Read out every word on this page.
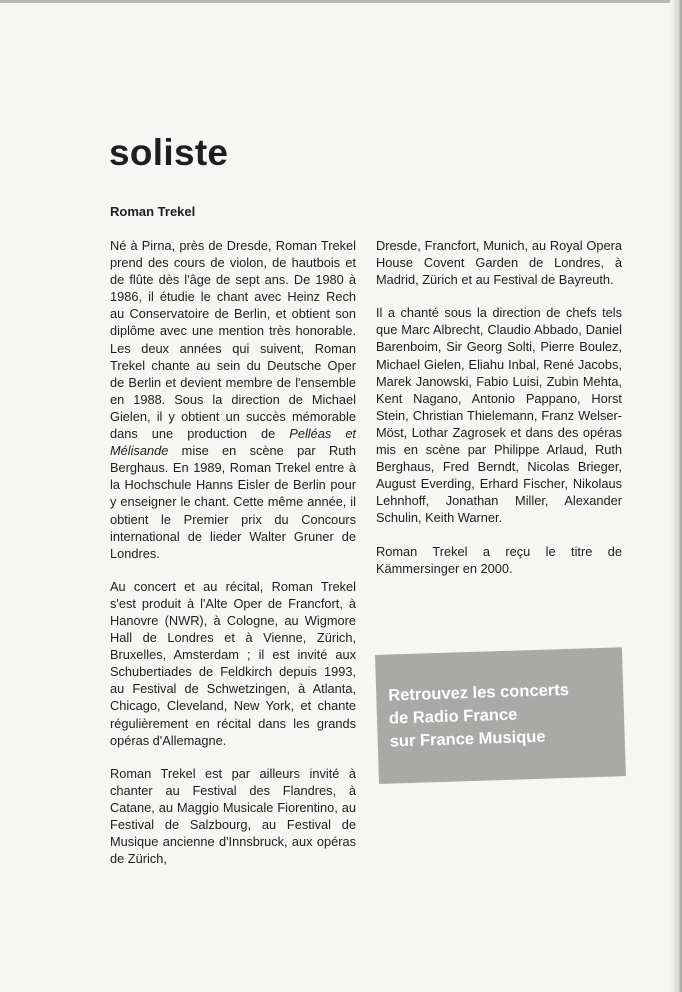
soliste
Roman Trekel

Né à Pirna, près de Dresde, Roman Trekel prend des cours de violon, de hautbois et de flûte dès l'âge de sept ans. De 1980 à 1986, il étudie le chant avec Heinz Rech au Conservatoire de Berlin, et obtient son diplôme avec une mention très honorable. Les deux années qui suivent, Roman Trekel chante au sein du Deutsche Oper de Berlin et devient membre de l'ensemble en 1988. Sous la direction de Michael Gielen, il y obtient un succès mémorable dans une production de Pelléas et Mélisande mise en scène par Ruth Berghaus. En 1989, Roman Trekel entre à la Hochschule Hanns Eisler de Berlin pour y enseigner le chant. Cette même année, il obtient le Premier prix du Concours international de lieder Walter Gruner de Londres.

Au concert et au récital, Roman Trekel s'est produit à l'Alte Oper de Francfort, à Hanovre (NWR), à Cologne, au Wigmore Hall de Londres et à Vienne, Zürich, Bruxelles, Amsterdam ; il est invité aux Schubertiades de Feldkirch depuis 1993, au Festival de Schwetzingen, à Atlanta, Chicago, Cleveland, New York, et chante régulièrement en récital dans les grands opéras d'Allemagne.

Roman Trekel est par ailleurs invité à chanter au Festival des Flandres, à Catane, au Maggio Musicale Fiorentino, au Festival de Salzbourg, au Festival de Musique ancienne d'Innsbruck, aux opéras de Zürich,

Dresde, Francfort, Munich, au Royal Opera House Covent Garden de Londres, à Madrid, Zürich et au Festival de Bayreuth.

Il a chanté sous la direction de chefs tels que Marc Albrecht, Claudio Abbado, Daniel Barenboim, Sir Georg Solti, Pierre Boulez, Michael Gielen, Eliahu Inbal, René Jacobs, Marek Janowski, Fabio Luisi, Zubin Mehta, Kent Nagano, Antonio Pappano, Horst Stein, Christian Thielemann, Franz Welser-Möst, Lothar Zagrosek et dans des opéras mis en scène par Philippe Arlaud, Ruth Berghaus, Fred Berndt, Nicolas Brieger, August Everding, Erhard Fischer, Nikolaus Lehnhoff, Jonathan Miller, Alexander Schulin, Keith Warner.

Roman Trekel a reçu le titre de Kämmersinger en 2000.

Retrouvez les concerts
de Radio France
sur France Musique
